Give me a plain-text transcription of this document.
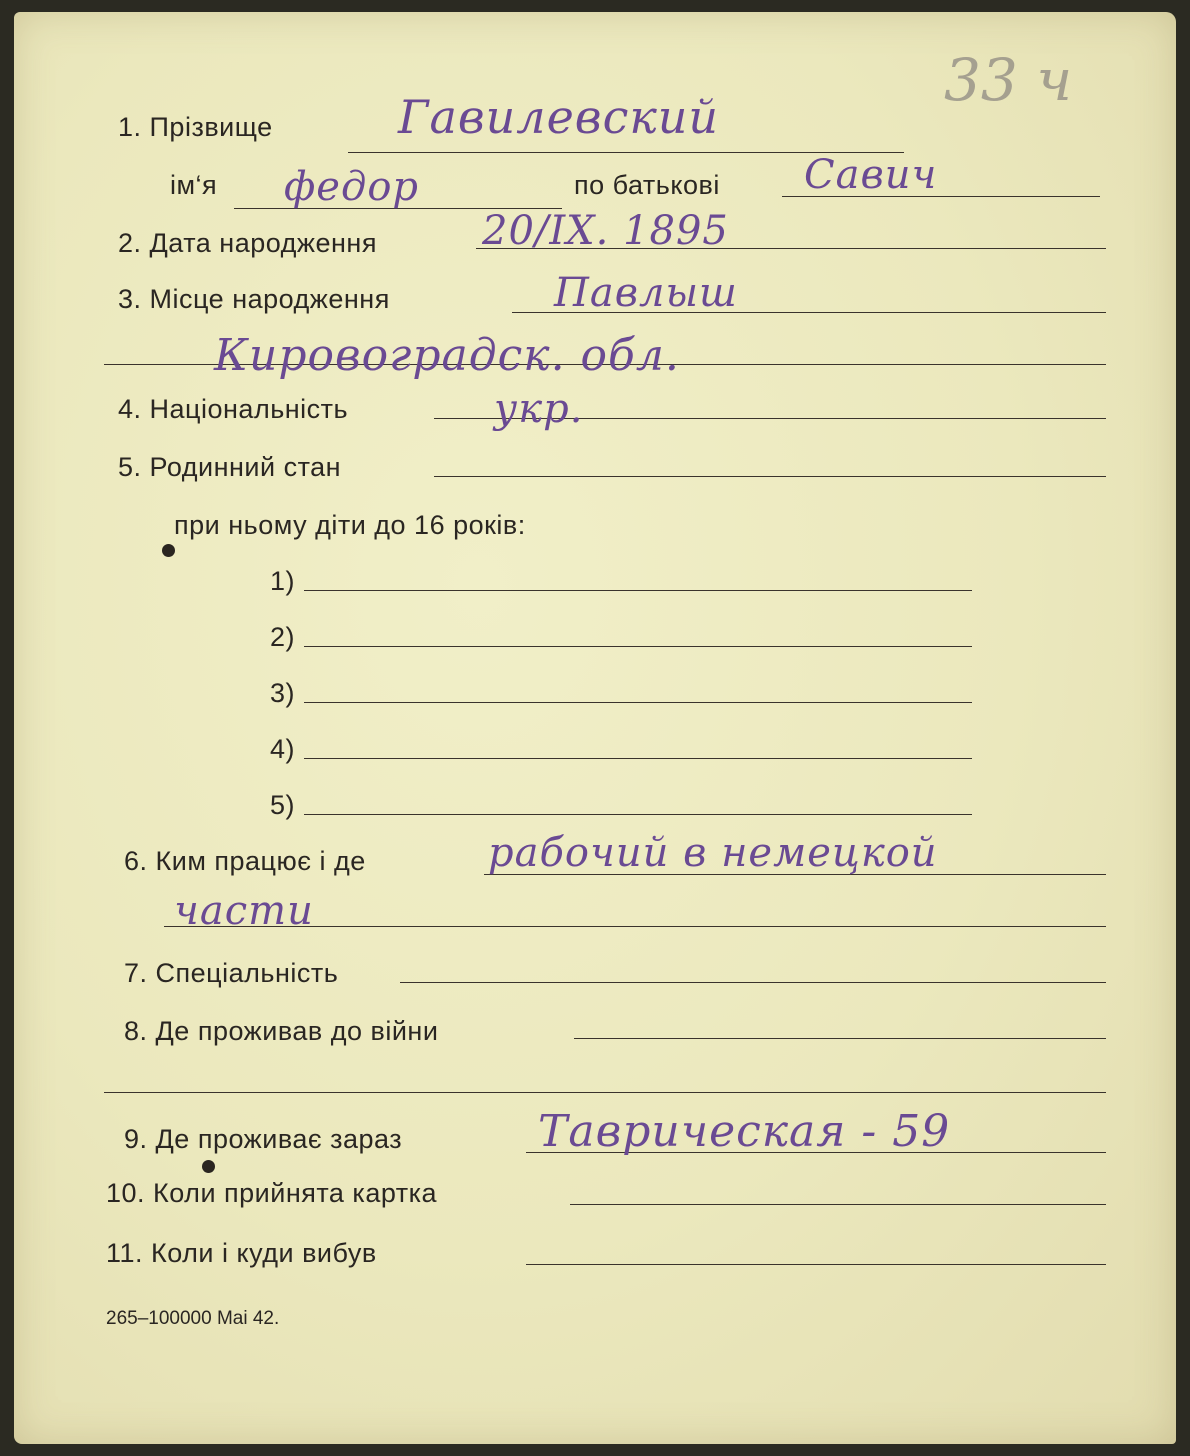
33 ч
1. Прізвище	Гавилевский
ім‘я федор	по батькові Савич
2. Дата народження	20/IX. 1895
3. Місце народження	Павлыш
Кировоградск. обл.
4. Національність	укр.
5. Родинний стан
при ньому діти до 16 років:
1)
2)
3)
4)
5)
6. Ким працює і де	рабочий в немецкой
части
7. Спеціальність
8. Де проживав до війни
9. Де проживає зараз	Таврическая - 59
10. Коли прийнята картка
11. Коли і куди вибув
265–100000 Mai 42.
